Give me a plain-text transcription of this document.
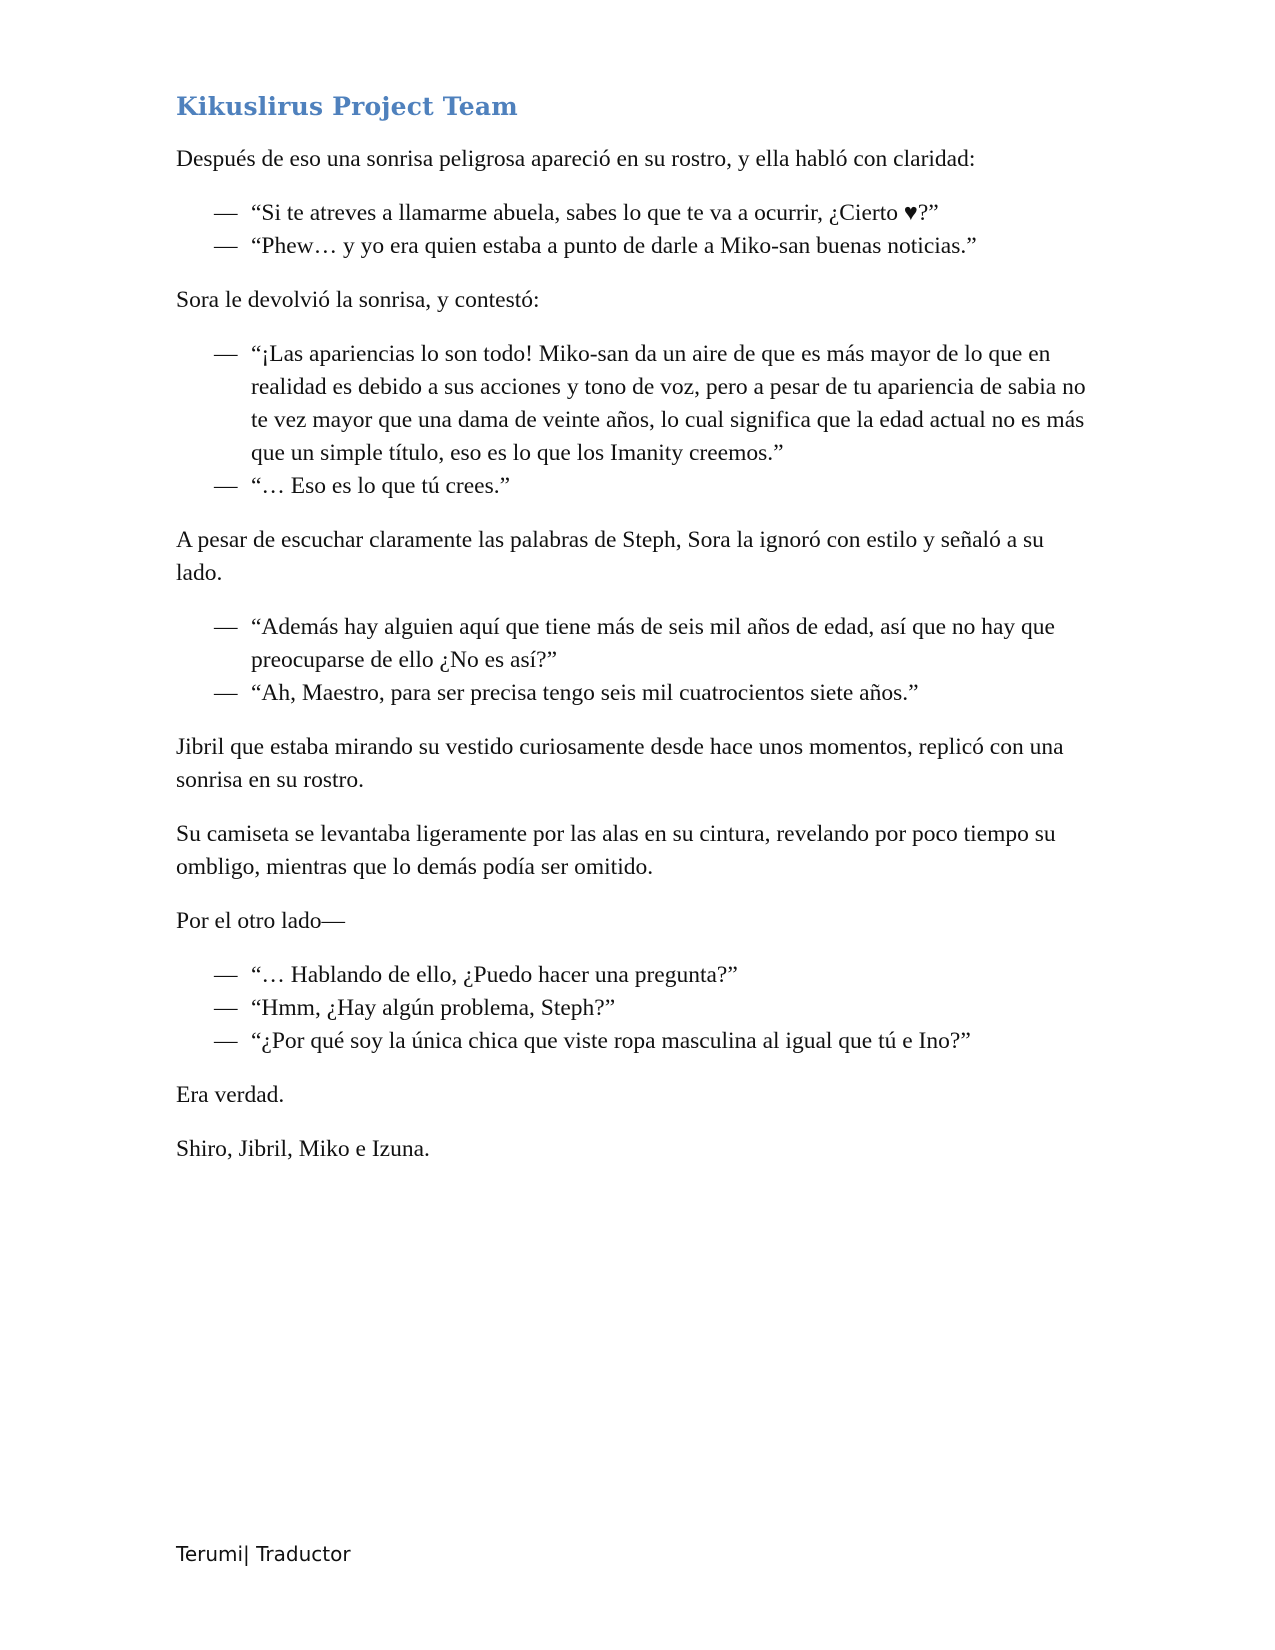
Kikuslirus Project Team

Después de eso una sonrisa peligrosa apareció en su rostro, y ella habló con claridad:

— “Si te atreves a llamarme abuela, sabes lo que te va a ocurrir, ¿Cierto ♥?”
— “Phew… y yo era quien estaba a punto de darle a Miko-san buenas noticias.”

Sora le devolvió la sonrisa, y contestó:

— “¡Las apariencias lo son todo! Miko-san da un aire de que es más mayor de lo que en realidad es debido a sus acciones y tono de voz, pero a pesar de tu apariencia de sabia no te vez mayor que una dama de veinte años, lo cual significa que la edad actual no es más que un simple título, eso es lo que los Imanity creemos.”
— “… Eso es lo que tú crees.”

A pesar de escuchar claramente las palabras de Steph, Sora la ignoró con estilo y señaló a su lado.

— “Además hay alguien aquí que tiene más de seis mil años de edad, así que no hay que preocuparse de ello ¿No es así?”
— “Ah, Maestro, para ser precisa tengo seis mil cuatrocientos siete años.”

Jibril que estaba mirando su vestido curiosamente desde hace unos momentos, replicó con una sonrisa en su rostro.

Su camiseta se levantaba ligeramente por las alas en su cintura, revelando por poco tiempo su ombligo, mientras que lo demás podía ser omitido.

Por el otro lado—

— “… Hablando de ello, ¿Puedo hacer una pregunta?”
— “Hmm, ¿Hay algún problema, Steph?”
— “¿Por qué soy la única chica que viste ropa masculina al igual que tú e Ino?”

Era verdad.

Shiro, Jibril, Miko e Izuna.

Terumi| Traductor
